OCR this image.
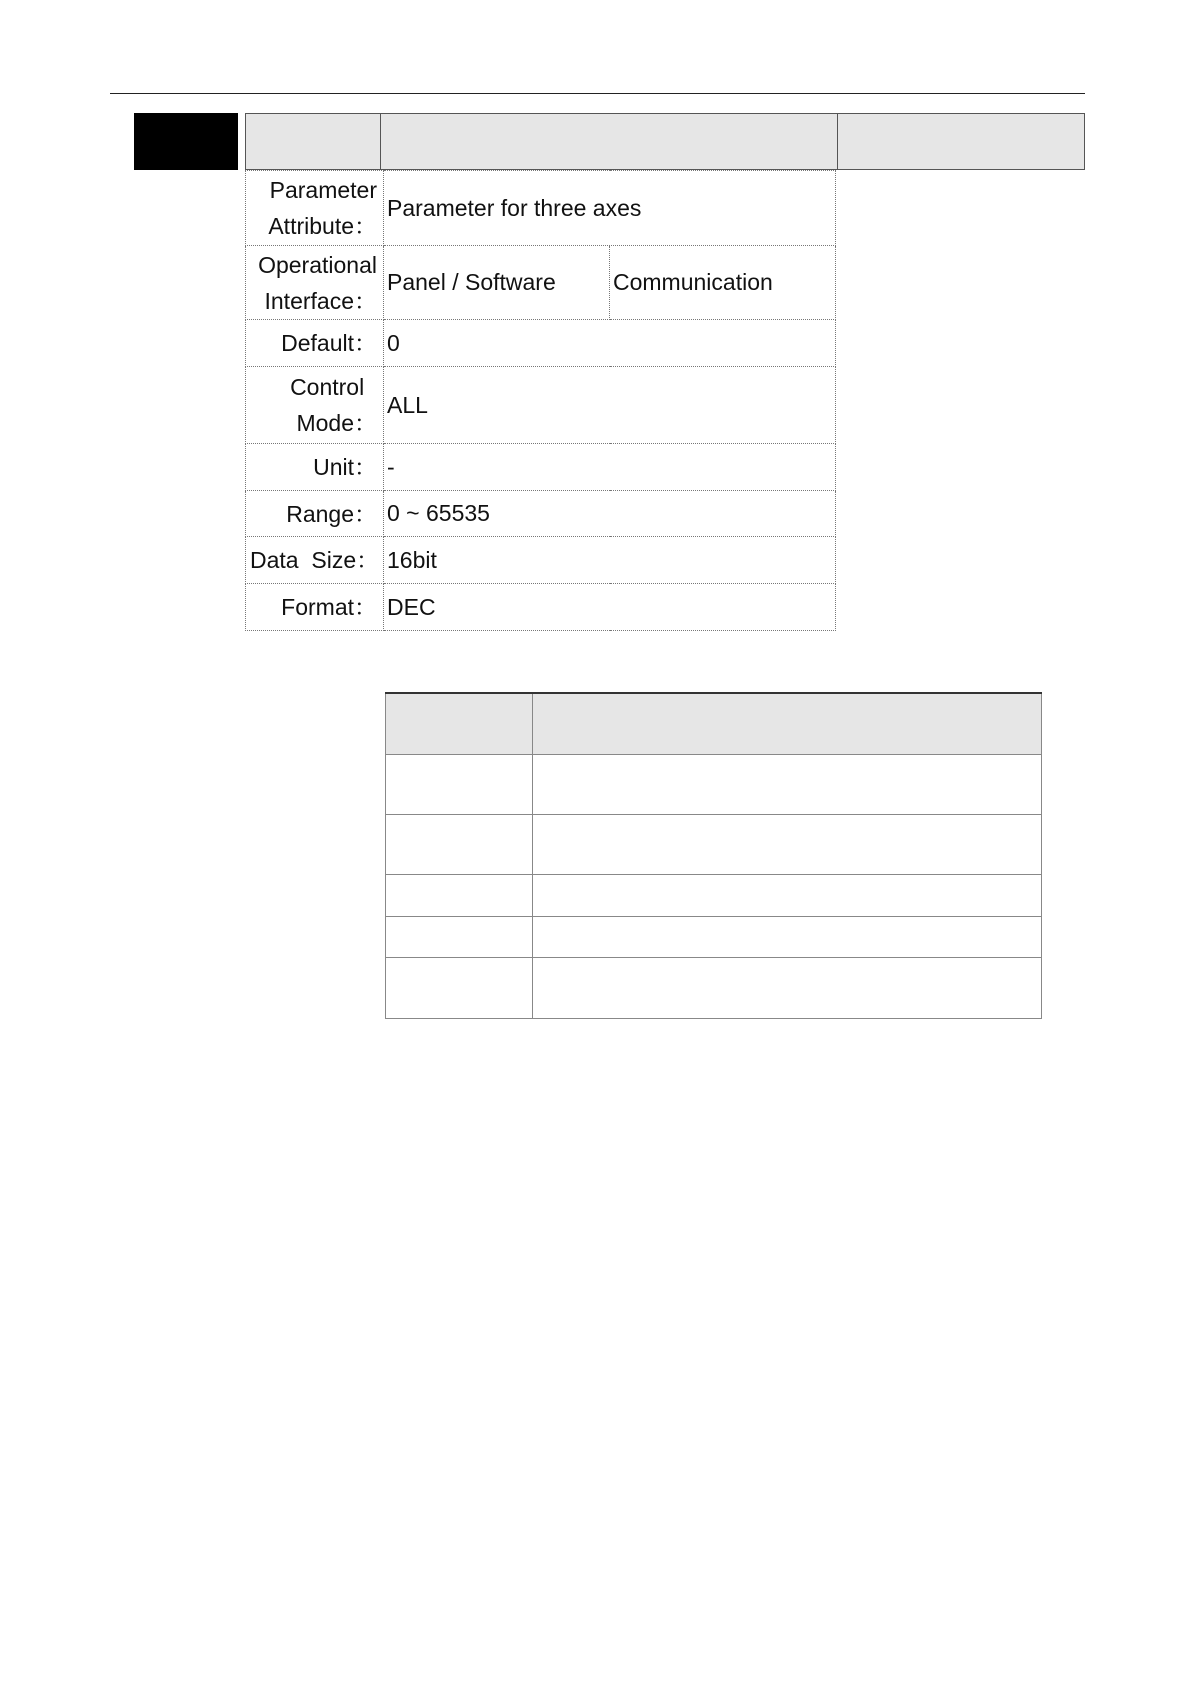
Parameter
Attribute：	Parameter for three axes	
Operational
Interface：	Panel / Software	Communication
Default：	0	
Control
Mode：	ALL	
Unit：	-	
Range：	0 ~ 65535	
Data  Size：	16bit	
Format：	DEC	
